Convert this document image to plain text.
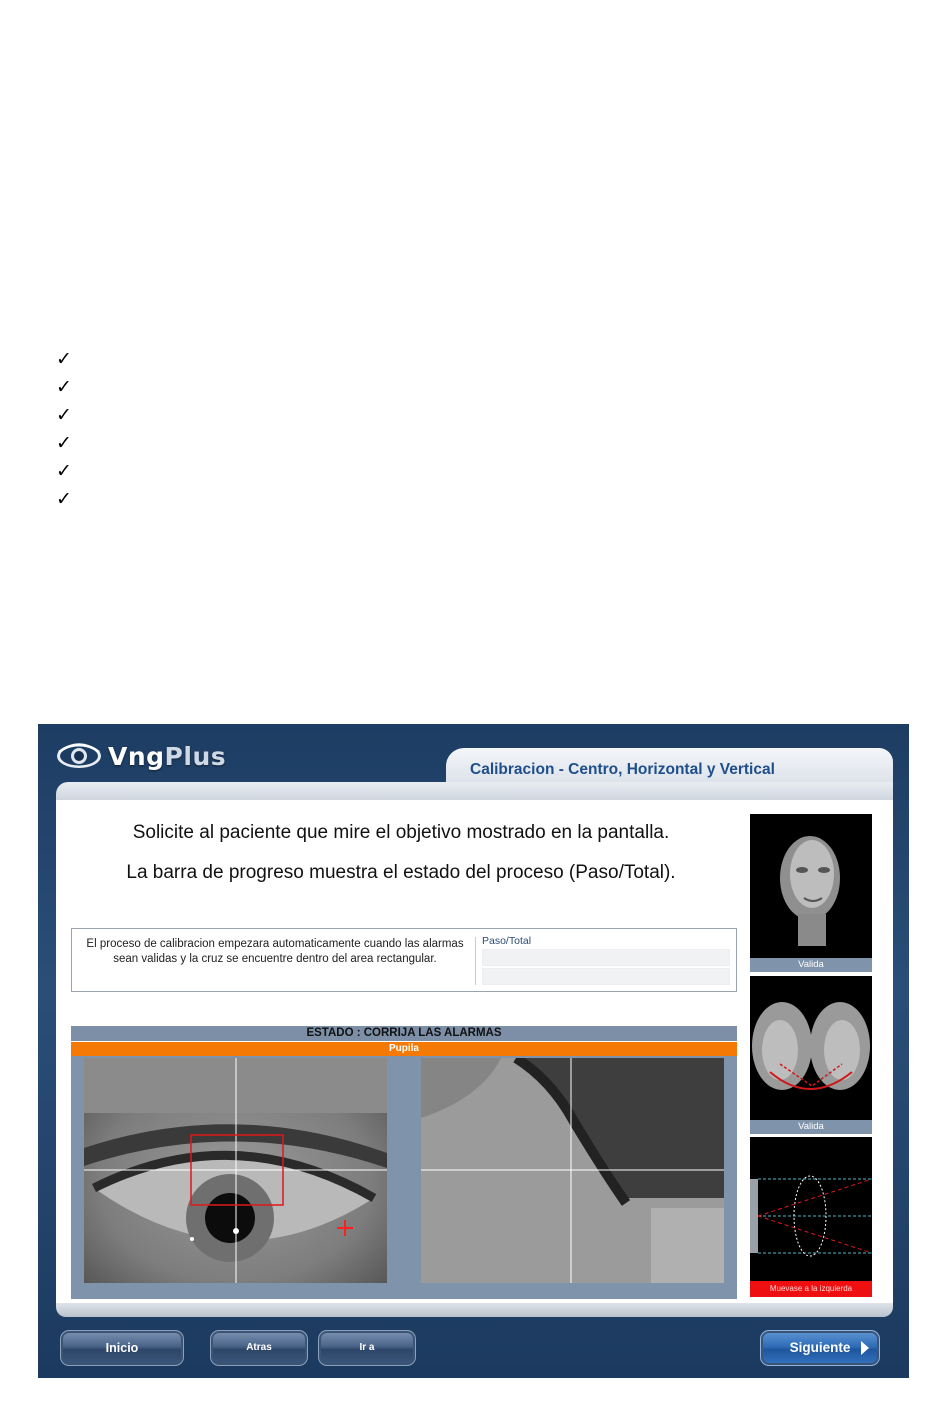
✓
✓
✓
✓
✓
✓
VngPlus	Calibracion - Centro, Horizontal y Vertical
Solicite al paciente que mire el objetivo mostrado en la pantalla.
La barra de progreso muestra el estado del proceso (Paso/Total).
El proceso de calibracion empezara automaticamente cuando las alarmas sean validas y la cruz se encuentre dentro del area rectangular.
Paso/Total
ESTADO : CORRIJA LAS ALARMAS
Pupila
Valida
Valida
Muevase a la izquierda
Inicio	Atras	Ir a	Siguiente
